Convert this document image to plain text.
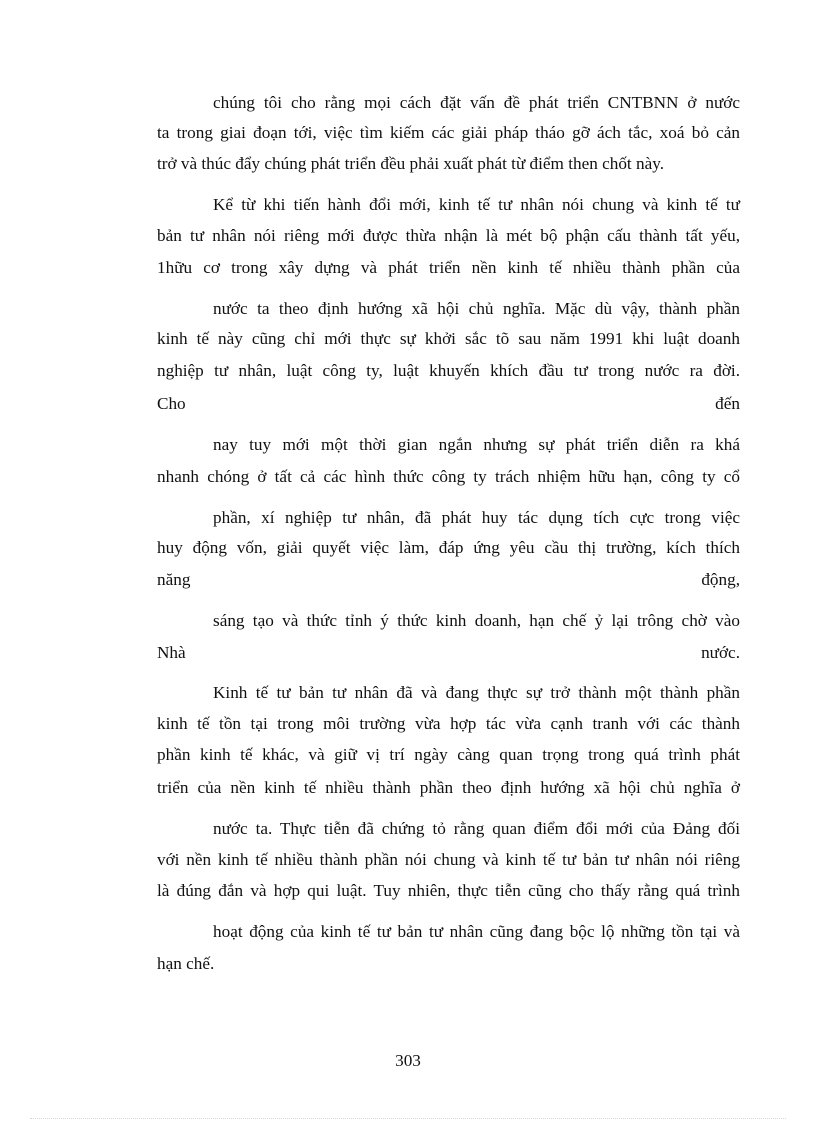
chúng tôi cho rằng mọi cách đặt vấn đề phát triển CNTBNN ở nước
ta trong giai đoạn tới, việc tìm kiếm các giải pháp tháo gỡ ách tắc, xoá bỏ cản
trở và thúc đẩy chúng phát triển đều phải xuất phát từ điểm then chốt này.
Kể từ khi tiến hành đổi mới, kinh tế tư nhân nói chung và kinh tế tư
bản tư nhân nói riêng mới được thừa nhận là mét bộ phận cấu thành tất yếu,
1hữu cơ trong xây dựng và phát triển nền kinh tế nhiều thành phần của
nước ta theo định hướng xã hội chủ nghĩa. Mặc dù vậy, thành phần
kinh tế này cũng chỉ mới thực sự khởi sắc tõ sau năm 1991 khi luật doanh
nghiệp tư nhân, luật công ty, luật khuyến khích đầu tư trong nước ra đời.
Cho	đến
nay tuy mới một thời gian ngắn nhưng sự phát triển diễn ra khá
nhanh chóng ở tất cả các hình thức công ty trách nhiệm hữu hạn, công ty cổ
phần, xí nghiệp tư nhân, đã phát huy tác dụng tích cực trong việc
huy động vốn, giải quyết việc làm, đáp ứng yêu cầu thị trường, kích thích
năng	động,
sáng tạo và thức tỉnh ý thức kinh doanh, hạn chế ỷ lại trông chờ vào
Nhà	nước.
Kinh tế tư bản tư nhân đã và đang thực sự trở thành một thành phần
kinh tế tồn tại trong môi trường vừa hợp tác vừa cạnh tranh với các thành
phần kinh tế khác, và giữ vị trí ngày càng quan trọng trong quá trình phát
triển của nền kinh tế nhiều thành phần theo định hướng xã hội chủ nghĩa ở
nước ta. Thực tiễn đã chứng tỏ rằng quan điểm đổi mới của Đảng đối
với nền kinh tế nhiều thành phần nói chung và kinh tế tư bản tư nhân nói riêng
là đúng đắn và hợp qui luật. Tuy nhiên, thực tiễn cũng cho thấy rằng quá trình
hoạt động của kinh tế tư bản tư nhân cũng đang bộc lộ những tồn tại và
hạn chế.
303
